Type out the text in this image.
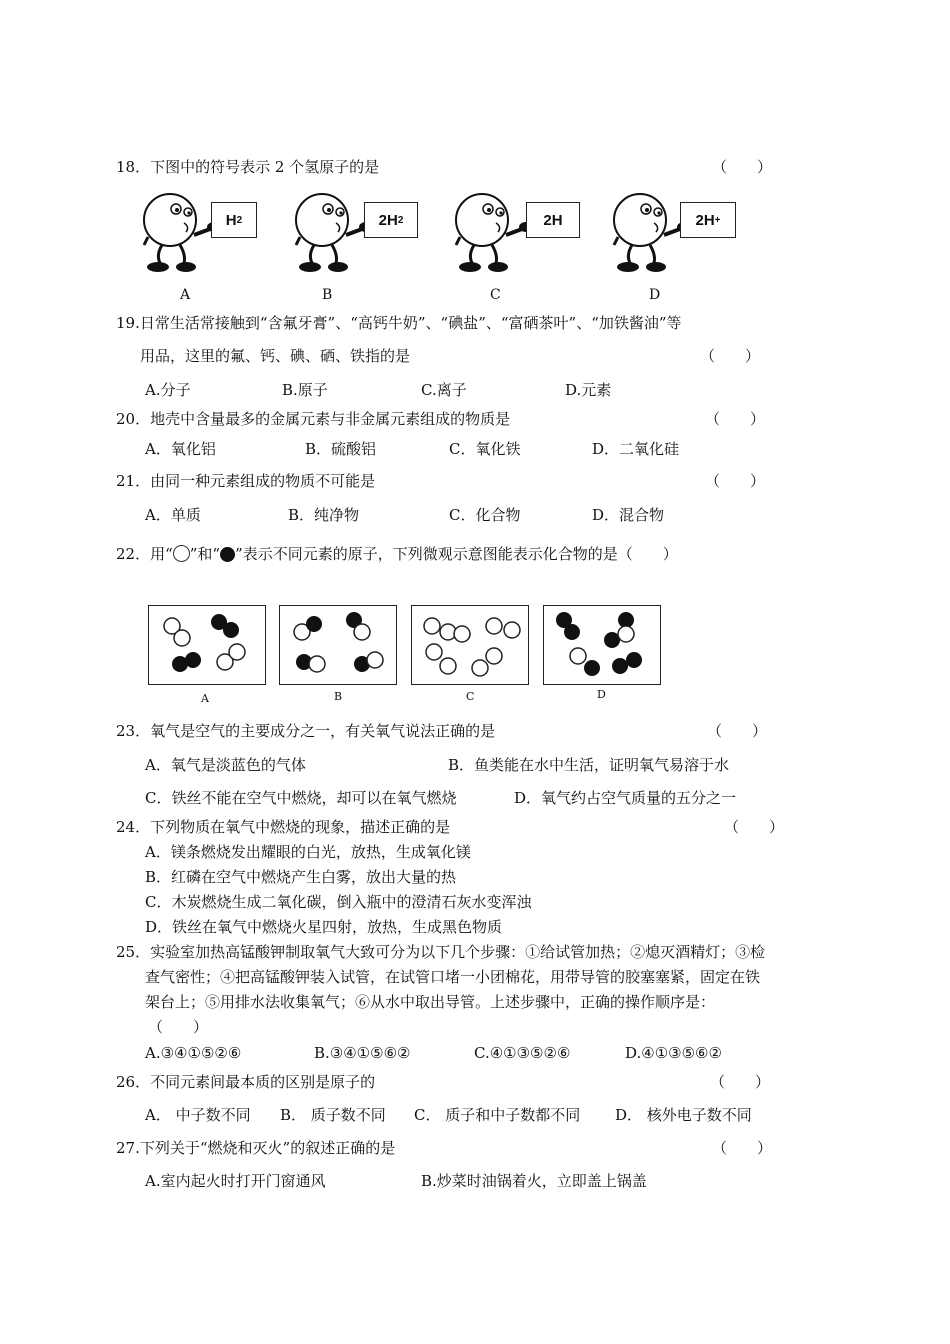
18．下图中的符号表示 2 个氢原子的是	（　　）
H 2	2H 2	2H	2H +
A	B	C	D
19.日常生活常接触到“含氟牙膏”、“高钙牛奶”、“碘盐”、“富硒茶叶”、“加铁酱油”等
用品，这里的氟、钙、碘、硒、铁指的是	（　　）
A.分子	B.原子	C.离子	D.元素
20．地壳中含量最多的金属元素与非金属元素组成的物质是	（　　）
A．氧化铝	B．硫酸铝	C．氧化铁	D．二氧化硅
21．由同一种元素组成的物质不可能是	（　　）
A．单质	B．纯净物	C．化合物	D．混合物
22．用“ ”和“ ”表示不同元素的原子，下列微观示意图能表示化合物的是（　　）
A	B	C	D
23．氧气是空气的主要成分之一，有关氧气说法正确的是	（　　）
A．氧气是淡蓝色的气体	B．鱼类能在水中生活，证明氧气易溶于水
C．铁丝不能在空气中燃烧，却可以在氧气燃烧	D．氧气约占空气质量的五分之一
24．下列物质在氧气中燃烧的现象，描述正确的是	（　　）
A．镁条燃烧发出耀眼的白光，放热，生成氧化镁
B．红磷在空气中燃烧产生白雾，放出大量的热
C．木炭燃烧生成二氧化碳，倒入瓶中的澄清石灰水变浑浊
D．铁丝在氧气中燃烧火星四射，放热，生成黑色物质
25．实验室加热高锰酸钾制取氧气大致可分为以下几个步骤：①给试管加热；②熄灭酒精灯；③检
查气密性；④把高锰酸钾装入试管，在试管口堵一小团棉花，用带导管的胶塞塞紧，固定在铁
架台上；⑤用排水法收集氧气；⑥从水中取出导管。上述步骤中，正确的操作顺序是：
（　　）
A.③④①⑤②⑥	B.③④①⑤⑥②	C.④①③⑤②⑥	D.④①③⑤⑥②
26．不同元素间最本质的区别是原子的	（　　）
A． 中子数不同 B． 质子数不同 C． 质子和中子数都不同 D． 核外电子数不同
27.下列关于“燃烧和灭火”的叙述正确的是	（　　）
A.室内起火时打开门窗通风	B.炒菜时油锅着火，立即盖上锅盖
